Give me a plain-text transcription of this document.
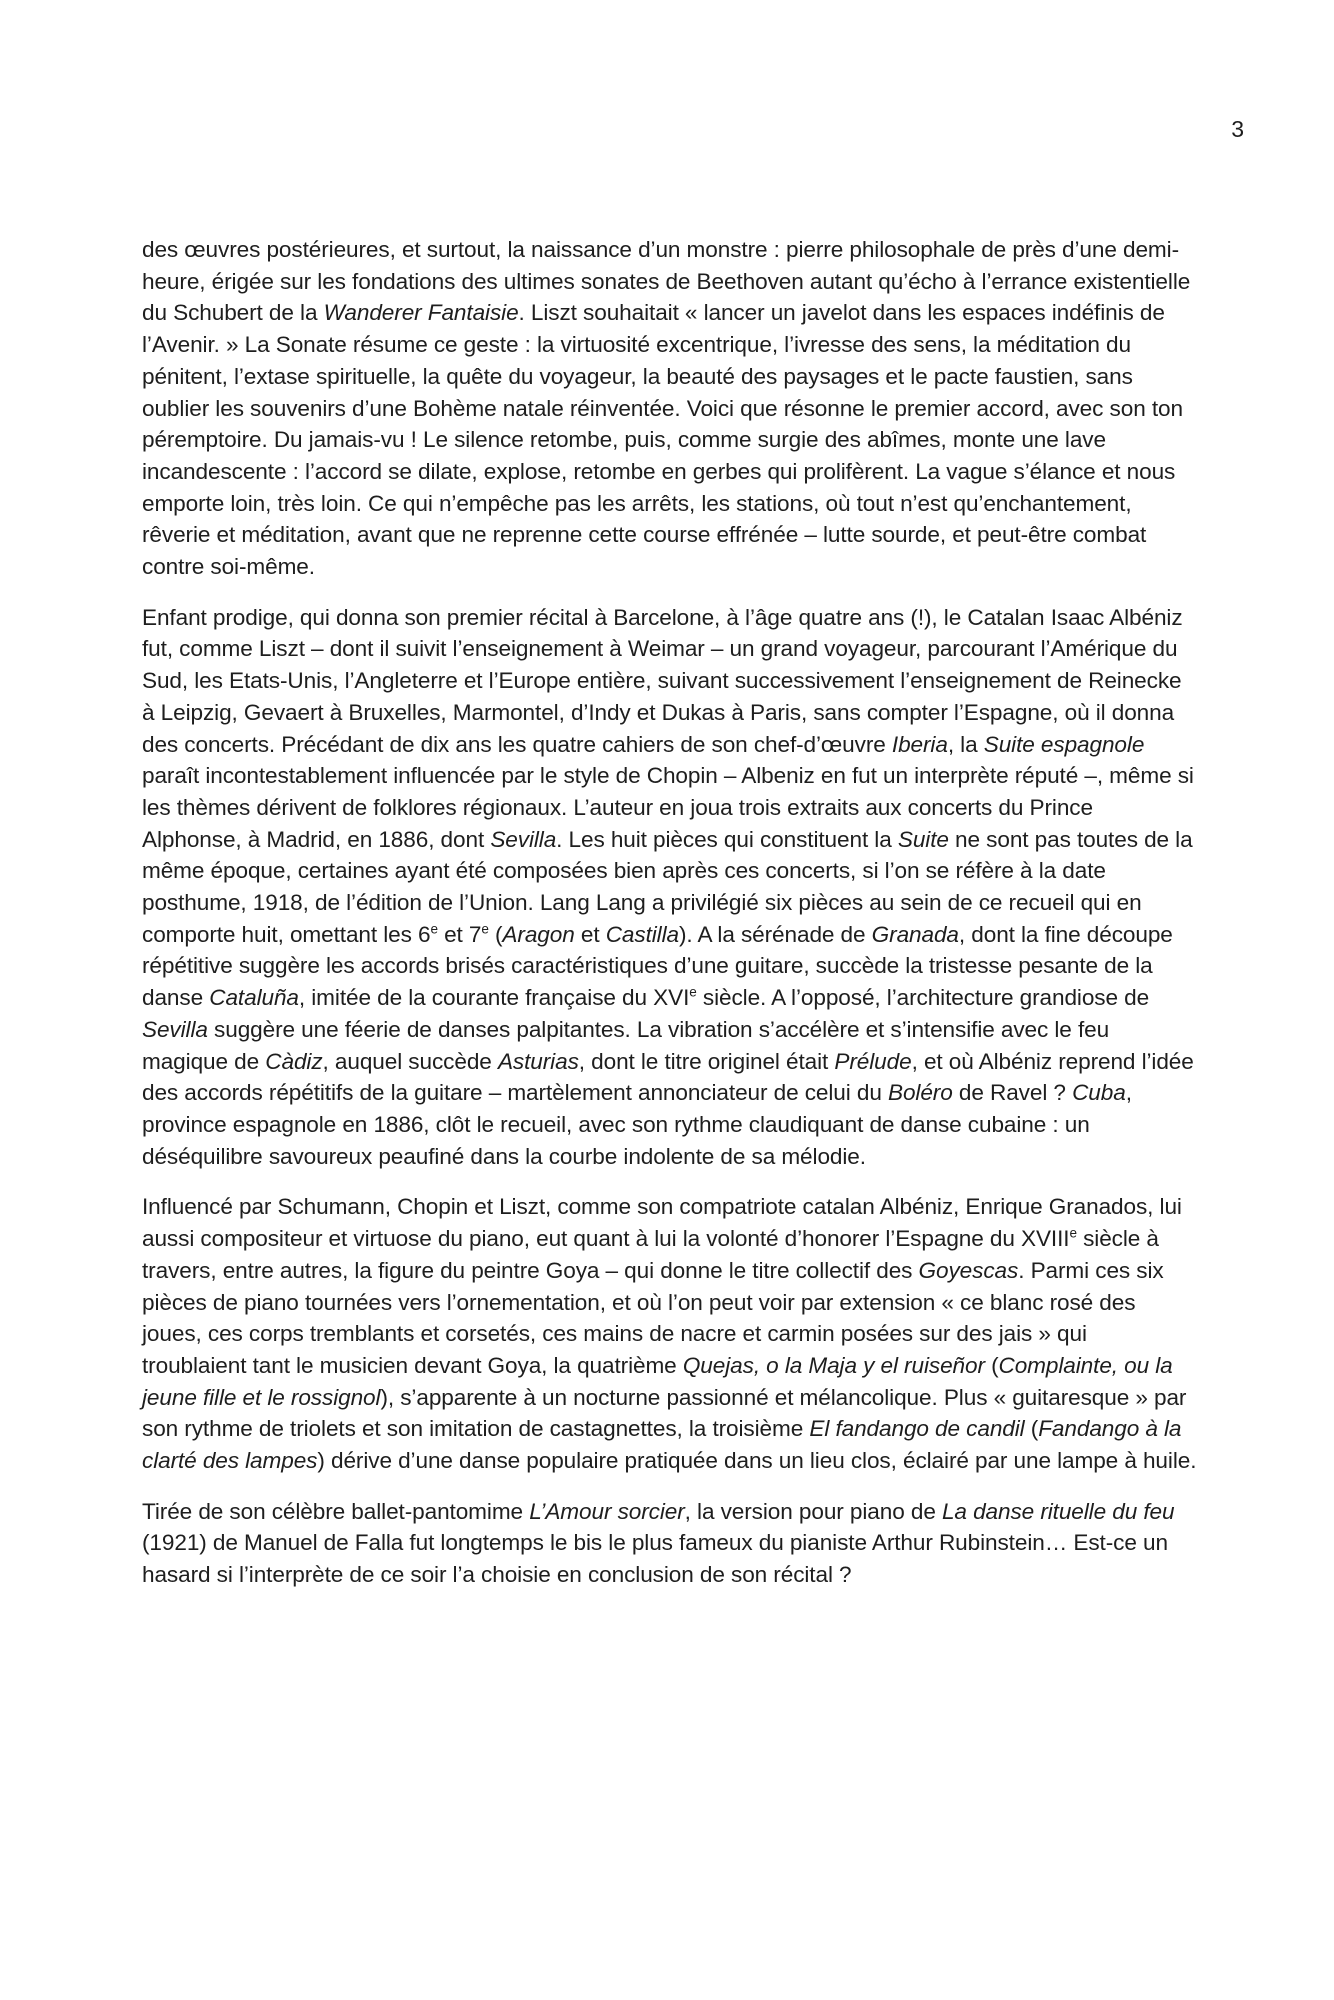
3

des œuvres postérieures, et surtout, la naissance d’un monstre : pierre philosophale de près d’une demi-heure, érigée sur les fondations des ultimes sonates de Beethoven autant qu’écho à l’errance existentielle du Schubert de la Wanderer Fantaisie. Liszt souhaitait « lancer un javelot dans les espaces indéfinis de l’Avenir. » La Sonate résume ce geste : la virtuosité excentrique, l’ivresse des sens, la méditation du pénitent, l’extase spirituelle, la quête du voyageur, la beauté des paysages et le pacte faustien, sans oublier les souvenirs d’une Bohème natale réinventée. Voici que résonne le premier accord, avec son ton péremptoire. Du jamais-vu ! Le silence retombe, puis, comme surgie des abîmes, monte une lave incandescente : l’accord se dilate, explose, retombe en gerbes qui prolifèrent. La vague s’élance et nous emporte loin, très loin. Ce qui n’empêche pas les arrêts, les stations, où tout n’est qu’enchantement, rêverie et méditation, avant que ne reprenne cette course effrénée – lutte sourde, et peut-être combat contre soi-même.

Enfant prodige, qui donna son premier récital à Barcelone, à l’âge quatre ans (!), le Catalan Isaac Albéniz fut, comme Liszt – dont il suivit l’enseignement à Weimar – un grand voyageur, parcourant l’Amérique du Sud, les Etats-Unis, l’Angleterre et l’Europe entière, suivant successivement l’enseignement de Reinecke à Leipzig, Gevaert à Bruxelles, Marmontel, d’Indy et Dukas à Paris, sans compter l’Espagne, où il donna des concerts. Précédant de dix ans les quatre cahiers de son chef-d’œuvre Iberia, la Suite espagnole paraît incontestablement influencée par le style de Chopin – Albeniz en fut un interprète réputé –, même si les thèmes dérivent de folklores régionaux. L’auteur en joua trois extraits aux concerts du Prince Alphonse, à Madrid, en 1886, dont Sevilla. Les huit pièces qui constituent la Suite ne sont pas toutes de la même époque, certaines ayant été composées bien après ces concerts, si l’on se réfère à la date posthume, 1918, de l’édition de l’Union. Lang Lang a privilégié six pièces au sein de ce recueil qui en comporte huit, omettant les 6e et 7e (Aragon et Castilla). A la sérénade de Granada, dont la fine découpe répétitive suggère les accords brisés caractéristiques d’une guitare, succède la tristesse pesante de la danse Cataluña, imitée de la courante française du XVIe siècle. A l’opposé, l’architecture grandiose de Sevilla suggère une féerie de danses palpitantes. La vibration s’accélère et s’intensifie avec le feu magique de Càdiz, auquel succède Asturias, dont le titre originel était Prélude, et où Albéniz reprend l’idée des accords répétitifs de la guitare – martèlement annonciateur de celui du Boléro de Ravel ? Cuba, province espagnole en 1886, clôt le recueil, avec son rythme claudiquant de danse cubaine : un déséquilibre savoureux peaufiné dans la courbe indolente de sa mélodie.

Influencé par Schumann, Chopin et Liszt, comme son compatriote catalan Albéniz, Enrique Granados, lui aussi compositeur et virtuose du piano, eut quant à lui la volonté d’honorer l’Espagne du XVIIIe siècle à travers, entre autres, la figure du peintre Goya – qui donne le titre collectif des Goyescas. Parmi ces six pièces de piano tournées vers l’ornementation, et où l’on peut voir par extension « ce blanc rosé des joues, ces corps tremblants et corsetés, ces mains de nacre et carmin posées sur des jais » qui troublaient tant le musicien devant Goya, la quatrième Quejas, o la Maja y el ruiseñor (Complainte, ou la jeune fille et le rossignol), s’apparente à un nocturne passionné et mélancolique. Plus « guitaresque » par son rythme de triolets et son imitation de castagnettes, la troisième El fandango de candil (Fandango à la clarté des lampes) dérive d’une danse populaire pratiquée dans un lieu clos, éclairé par une lampe à huile.

Tirée de son célèbre ballet-pantomime L’Amour sorcier, la version pour piano de La danse rituelle du feu (1921) de Manuel de Falla fut longtemps le bis le plus fameux du pianiste Arthur Rubinstein… Est-ce un hasard si l’interprète de ce soir l’a choisie en conclusion de son récital ?
